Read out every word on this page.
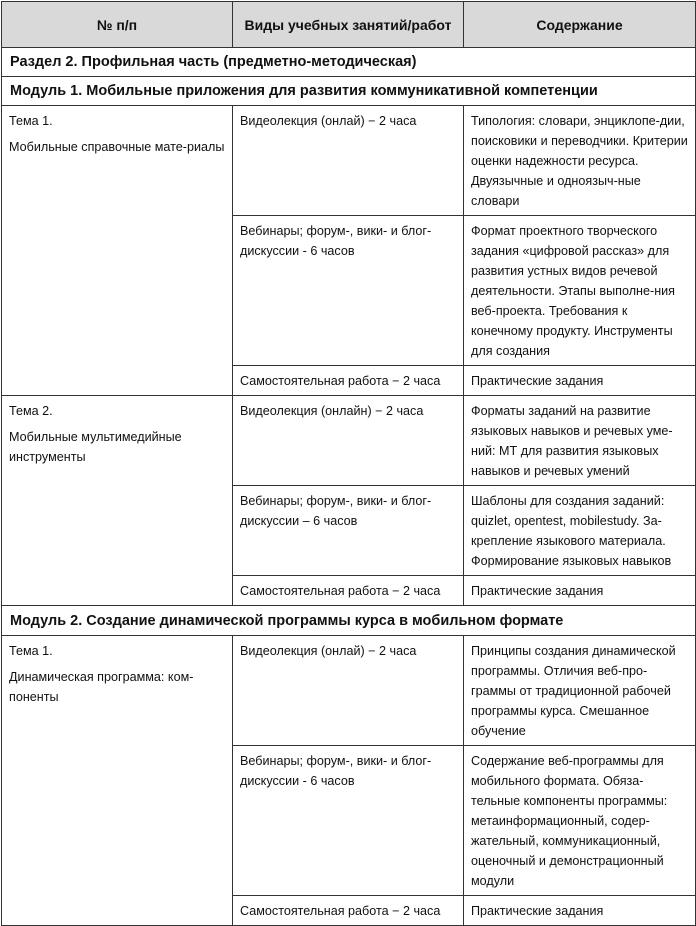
№ п/п	Виды учебных занятий/работ	Содержание
Раздел 2. Профильная часть (предметно-методическая)		
Модуль 1. Мобильные приложения для развития коммуникативной компетенции		

Тема 1.
Мобильные справочные мате-риалы	Видеолекция (онлай) − 2 часа	Типология: словари, энциклопе-дии, поисковики и переводчики. Критерии оценки надежности ресурса. Двуязычные и одноязыч-ные словари
	Вебинары; форум-, вики- и блог-дискуссии - 6 часов	Формат проектного творческого задания «цифровой рассказ» для развития устных видов речевой деятельности. Этапы выполне-ния веб-проекта. Требования к конечному продукту. Инструменты для создания
	Самостоятельная работа − 2 часа	Практические задания

Тема 2.
Мобильные мультимедийные инструменты	Видеолекция (онлайн) − 2 часа	Форматы заданий на развитие языковых навыков и речевых уме-ний: МТ для развития языковых навыков и речевых умений
	Вебинары; форум-, вики- и блог-дискуссии – 6 часов	Шаблоны для создания заданий: quizlet, opentest, mobilestudy. За-крепление языкового материала. Формирование языковых навыков
	Самостоятельная работа − 2 часа	Практические задания
Модуль 2. Создание динамической программы курса в мобильном формате		

Тема 1.
Динамическая программа: ком-поненты	Видеолекция (онлай) − 2 часа	Принципы создания динамической программы. Отличия веб-про-граммы от традиционной рабочей программы курса. Смешанное обучение
	Вебинары; форум-, вики- и блог-дискуссии - 6 часов	Содержание веб-программы для мобильного формата. Обяза-тельные компоненты программы: метаинформационный, содер-жательный, коммуникационный, оценочный и демонстрационный модули
	Самостоятельная работа − 2 часа	Практические задания
